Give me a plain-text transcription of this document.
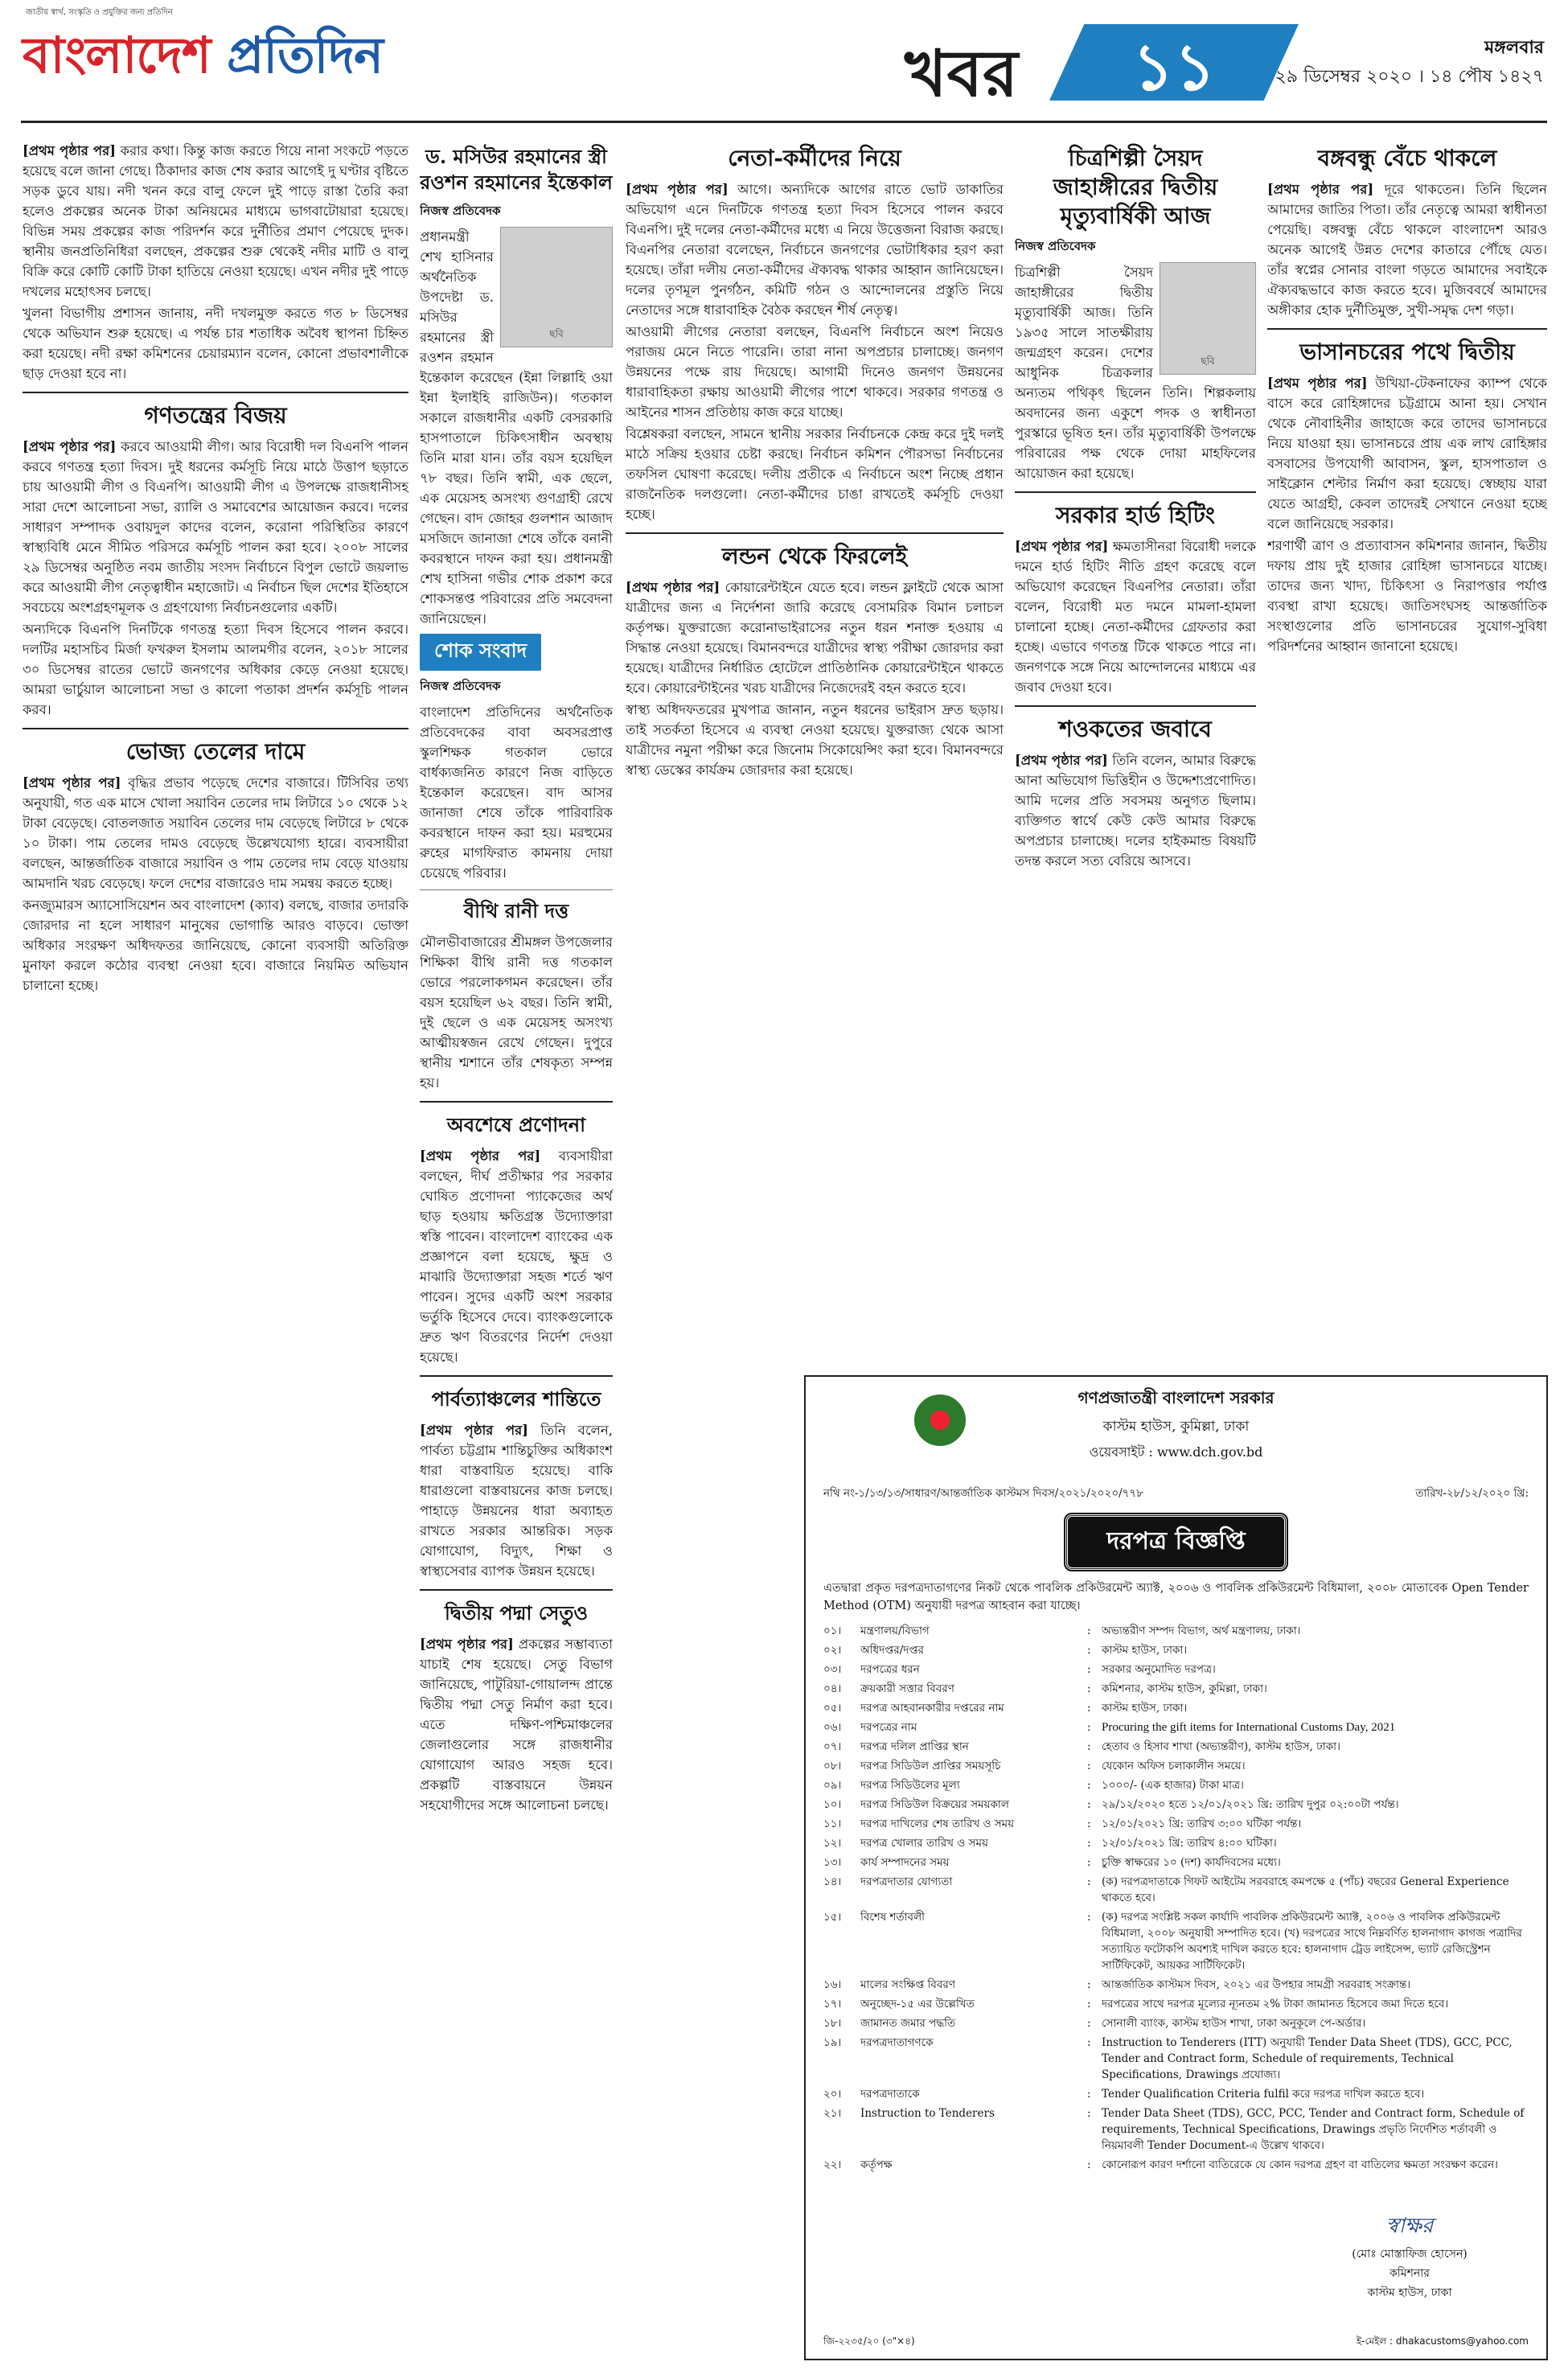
জাতীয় স্বার্থ, সংস্কৃতি ও প্রযুক্তির জন্য প্রতিদিন
বাংলাদেশ প্রতিদিন	খবর	১১	মঙ্গলবার
২৯ ডিসেম্বর ২০২০ । ১৪ পৌষ ১৪২৭

[প্রথম পৃষ্ঠার পর] করার কথা। কিন্তু কাজ করতে গিয়ে নানা সংকটে পড়তে হয়েছে বলে জানা গেছে। ঠিকাদার কাজ শেষ করার আগেই দু ঘণ্টার বৃষ্টিতে সড়ক ডুবে যায়। নদী খনন করে বালু ফেলে দুই পাড়ে রাস্তা তৈরি করা হলেও প্রকল্পের অনেক টাকা অনিয়মের মাধ্যমে ভাগবাটোয়ারা হয়েছে। বিভিন্ন সময় প্রকল্পের কাজ পরিদর্শন করে দুর্নীতির প্রমাণ পেয়েছে দুদক। স্থানীয় জনপ্রতিনিধিরা বলছেন, প্রকল্পের শুরু থেকেই নদীর মাটি ও বালু বিক্রি করে কোটি কোটি টাকা হাতিয়ে নেওয়া হয়েছে। এখন নদীর দুই পাড়ে দখলের মহোৎসব চলছে।

খুলনা বিভাগীয় প্রশাসন জানায়, নদী দখলমুক্ত করতে গত ৮ ডিসেম্বর থেকে অভিযান শুরু হয়েছে। এ পর্যন্ত চার শতাধিক অবৈধ স্থাপনা চিহ্নিত করা হয়েছে। নদী রক্ষা কমিশনের চেয়ারম্যান বলেন, কোনো প্রভাবশালীকে ছাড় দেওয়া হবে না।

গণতন্ত্রের বিজয়

[প্রথম পৃষ্ঠার পর] করবে আওয়ামী লীগ। আর বিরোধী দল বিএনপি পালন করবে গণতন্ত্র হত্যা দিবস। দুই ধরনের কর্মসূচি নিয়ে মাঠে উত্তাপ ছড়াতে চায় আওয়ামী লীগ ও বিএনপি। আওয়ামী লীগ এ উপলক্ষে রাজধানীসহ সারা দেশে আলোচনা সভা, র‍্যালি ও সমাবেশের আয়োজন করবে। দলের সাধারণ সম্পাদক ওবায়দুল কাদের বলেন, করোনা পরিস্থিতির কারণে স্বাস্থ্যবিধি মেনে সীমিত পরিসরে কর্মসূচি পালন করা হবে। ২০০৮ সালের ২৯ ডিসেম্বর অনুষ্ঠিত নবম জাতীয় সংসদ নির্বাচনে বিপুল ভোটে জয়লাভ করে আওয়ামী লীগ নেতৃত্বাধীন মহাজোট। এ নির্বাচন ছিল দেশের ইতিহাসে সবচেয়ে অংশগ্রহণমূলক ও গ্রহণযোগ্য নির্বাচনগুলোর একটি।

অন্যদিকে বিএনপি দিনটিকে গণতন্ত্র হত্যা দিবস হিসেবে পালন করবে। দলটির মহাসচিব মির্জা ফখরুল ইসলাম আলমগীর বলেন, ২০১৮ সালের ৩০ ডিসেম্বর রাতের ভোটে জনগণের অধিকার কেড়ে নেওয়া হয়েছে। আমরা ভার্চুয়াল আলোচনা সভা ও কালো পতাকা প্রদর্শন কর্মসূচি পালন করব।

ভোজ্য তেলের দামে

[প্রথম পৃষ্ঠার পর] বৃদ্ধির প্রভাব পড়েছে দেশের বাজারে। টিসিবির তথ্য অনুযায়ী, গত এক মাসে খোলা সয়াবিন তেলের দাম লিটারে ১০ থেকে ১২ টাকা বেড়েছে। বোতলজাত সয়াবিন তেলের দাম বেড়েছে লিটারে ৮ থেকে ১০ টাকা। পাম তেলের দামও বেড়েছে উল্লেখযোগ্য হারে। ব্যবসায়ীরা বলছেন, আন্তর্জাতিক বাজারে সয়াবিন ও পাম তেলের দাম বেড়ে যাওয়ায় আমদানি খরচ বেড়েছে। ফলে দেশের বাজারেও দাম সমন্বয় করতে হচ্ছে।

কনজ্যুমারস অ্যাসোসিয়েশন অব বাংলাদেশ (ক্যাব) বলছে, বাজার তদারকি জোরদার না হলে সাধারণ মানুষের ভোগান্তি আরও বাড়বে। ভোক্তা অধিকার সংরক্ষণ অধিদফতর জানিয়েছে, কোনো ব্যবসায়ী অতিরিক্ত মুনাফা করলে কঠোর ব্যবস্থা নেওয়া হবে। বাজারে নিয়মিত অভিযান চালানো হচ্ছে।

ড. মসিউর রহমানের স্ত্রী রওশন রহমানের ইন্তেকাল
নিজস্ব প্রতিবেদক
ছবি

প্রধানমন্ত্রী শেখ হাসিনার অর্থনৈতিক উপদেষ্টা ড. মসিউর রহমানের স্ত্রী রওশন রহমান ইন্তেকাল করেছেন (ইন্না লিল্লাহি ওয়া ইন্না ইলাইহি রাজিউন)। গতকাল সকালে রাজধানীর একটি বেসরকারি হাসপাতালে চিকিৎসাধীন অবস্থায় তিনি মারা যান। তাঁর বয়স হয়েছিল ৭৮ বছর। তিনি স্বামী, এক ছেলে, এক মেয়েসহ অসংখ্য গুণগ্রাহী রেখে গেছেন। বাদ জোহর গুলশান আজাদ মসজিদে জানাজা শেষে তাঁকে বনানী কবরস্থানে দাফন করা হয়। প্রধানমন্ত্রী শেখ হাসিনা গভীর শোক প্রকাশ করে শোকসন্তপ্ত পরিবারের প্রতি সমবেদনা জানিয়েছেন।

শোক সংবাদ
নিজস্ব প্রতিবেদক

বাংলাদেশ প্রতিদিনের অর্থনৈতিক প্রতিবেদকের বাবা অবসরপ্রাপ্ত স্কুলশিক্ষক গতকাল ভোরে বার্ধক্যজনিত কারণে নিজ বাড়িতে ইন্তেকাল করেছেন। বাদ আসর জানাজা শেষে তাঁকে পারিবারিক কবরস্থানে দাফন করা হয়। মরহুমের রুহের মাগফিরাত কামনায় দোয়া চেয়েছে পরিবার।

বীথি রানী দত্ত

মৌলভীবাজারের শ্রীমঙ্গল উপজেলার শিক্ষিকা বীথি রানী দত্ত গতকাল ভোরে পরলোকগমন করেছেন। তাঁর বয়স হয়েছিল ৬২ বছর। তিনি স্বামী, দুই ছেলে ও এক মেয়েসহ অসংখ্য আত্মীয়স্বজন রেখে গেছেন। দুপুরে স্থানীয় শ্মশানে তাঁর শেষকৃত্য সম্পন্ন হয়।

অবশেষে প্রণোদনা

[প্রথম পৃষ্ঠার পর] ব্যবসায়ীরা বলছেন, দীর্ঘ প্রতীক্ষার পর সরকার ঘোষিত প্রণোদনা প্যাকেজের অর্থ ছাড় হওয়ায় ক্ষতিগ্রস্ত উদ্যোক্তারা স্বস্তি পাবেন। বাংলাদেশ ব্যাংকের এক প্রজ্ঞাপনে বলা হয়েছে, ক্ষুদ্র ও মাঝারি উদ্যোক্তারা সহজ শর্তে ঋণ পাবেন। সুদের একটি অংশ সরকার ভর্তুকি হিসেবে দেবে। ব্যাংকগুলোকে দ্রুত ঋণ বিতরণের নির্দেশ দেওয়া হয়েছে।

পার্বত্যাঞ্চলের শান্তিতে

[প্রথম পৃষ্ঠার পর] তিনি বলেন, পার্বত্য চট্টগ্রাম শান্তিচুক্তির অধিকাংশ ধারা বাস্তবায়িত হয়েছে। বাকি ধারাগুলো বাস্তবায়নের কাজ চলছে। পাহাড়ে উন্নয়নের ধারা অব্যাহত রাখতে সরকার আন্তরিক। সড়ক যোগাযোগ, বিদ্যুৎ, শিক্ষা ও স্বাস্থ্যসেবার ব্যাপক উন্নয়ন হয়েছে।

দ্বিতীয় পদ্মা সেতুও

[প্রথম পৃষ্ঠার পর] প্রকল্পের সম্ভাব্যতা যাচাই শেষ হয়েছে। সেতু বিভাগ জানিয়েছে, পাটুরিয়া-গোয়ালন্দ প্রান্তে দ্বিতীয় পদ্মা সেতু নির্মাণ করা হবে। এতে দক্ষিণ-পশ্চিমাঞ্চলের জেলাগুলোর সঙ্গে রাজধানীর যোগাযোগ আরও সহজ হবে। প্রকল্পটি বাস্তবায়নে উন্নয়ন সহযোগীদের সঙ্গে আলোচনা চলছে।

নেতা-কর্মীদের নিয়ে

[প্রথম পৃষ্ঠার পর] আগে। অন্যদিকে আগের রাতে ভোট ডাকাতির অভিযোগ এনে দিনটিকে গণতন্ত্র হত্যা দিবস হিসেবে পালন করবে বিএনপি। দুই দলের নেতা-কর্মীদের মধ্যে এ নিয়ে উত্তেজনা বিরাজ করছে। বিএনপির নেতারা বলেছেন, নির্বাচনে জনগণের ভোটাধিকার হরণ করা হয়েছে। তাঁরা দলীয় নেতা-কর্মীদের ঐক্যবদ্ধ থাকার আহ্বান জানিয়েছেন। দলের তৃণমূল পুনর্গঠন, কমিটি গঠন ও আন্দোলনের প্রস্তুতি নিয়ে নেতাদের সঙ্গে ধারাবাহিক বৈঠক করছেন শীর্ষ নেতৃত্ব।

আওয়ামী লীগের নেতারা বলছেন, বিএনপি নির্বাচনে অংশ নিয়েও পরাজয় মেনে নিতে পারেনি। তারা নানা অপপ্রচার চালাচ্ছে। জনগণ উন্নয়নের পক্ষে রায় দিয়েছে। আগামী দিনেও জনগণ উন্নয়নের ধারাবাহিকতা রক্ষায় আওয়ামী লীগের পাশে থাকবে। সরকার গণতন্ত্র ও আইনের শাসন প্রতিষ্ঠায় কাজ করে যাচ্ছে।

বিশ্লেষকরা বলছেন, সামনে স্থানীয় সরকার নির্বাচনকে কেন্দ্র করে দুই দলই মাঠে সক্রিয় হওয়ার চেষ্টা করছে। নির্বাচন কমিশন পৌরসভা নির্বাচনের তফসিল ঘোষণা করেছে। দলীয় প্রতীকে এ নির্বাচনে অংশ নিচ্ছে প্রধান রাজনৈতিক দলগুলো। নেতা-কর্মীদের চাঙা রাখতেই কর্মসূচি দেওয়া হচ্ছে।

লন্ডন থেকে ফিরলেই

[প্রথম পৃষ্ঠার পর] কোয়ারেন্টাইনে যেতে হবে। লন্ডন ফ্লাইটে থেকে আসা যাত্রীদের জন্য এ নির্দেশনা জারি করেছে বেসামরিক বিমান চলাচল কর্তৃপক্ষ। যুক্তরাজ্যে করোনাভাইরাসের নতুন ধরন শনাক্ত হওয়ায় এ সিদ্ধান্ত নেওয়া হয়েছে। বিমানবন্দরে যাত্রীদের স্বাস্থ্য পরীক্ষা জোরদার করা হয়েছে। যাত্রীদের নির্ধারিত হোটেলে প্রাতিষ্ঠানিক কোয়ারেন্টাইনে থাকতে হবে। কোয়ারেন্টাইনের খরচ যাত্রীদের নিজেদেরই বহন করতে হবে।

স্বাস্থ্য অধিদফতরের মুখপাত্র জানান, নতুন ধরনের ভাইরাস দ্রুত ছড়ায়। তাই সতর্কতা হিসেবে এ ব্যবস্থা নেওয়া হয়েছে। যুক্তরাজ্য থেকে আসা যাত্রীদের নমুনা পরীক্ষা করে জিনোম সিকোয়েন্সিং করা হবে। বিমানবন্দরে স্বাস্থ্য ডেস্কের কার্যক্রম জোরদার করা হয়েছে।

চিত্রশিল্পী সৈয়দ জাহাঙ্গীরের দ্বিতীয় মৃত্যুবার্ষিকী আজ
নিজস্ব প্রতিবেদক
ছবি

চিত্রশিল্পী সৈয়দ জাহাঙ্গীরের দ্বিতীয় মৃত্যুবার্ষিকী আজ। তিনি ১৯৩৫ সালে সাতক্ষীরায় জন্মগ্রহণ করেন। দেশের আধুনিক চিত্রকলার অন্যতম পথিকৃৎ ছিলেন তিনি। শিল্পকলায় অবদানের জন্য একুশে পদক ও স্বাধীনতা পুরস্কারে ভূষিত হন। তাঁর মৃত্যুবার্ষিকী উপলক্ষে পরিবারের পক্ষ থেকে দোয়া মাহফিলের আয়োজন করা হয়েছে।

সরকার হার্ড হিটিং

[প্রথম পৃষ্ঠার পর] ক্ষমতাসীনরা বিরোধী দলকে দমনে হার্ড হিটিং নীতি গ্রহণ করেছে বলে অভিযোগ করেছেন বিএনপির নেতারা। তাঁরা বলেন, বিরোধী মত দমনে মামলা-হামলা চালানো হচ্ছে। নেতা-কর্মীদের গ্রেফতার করা হচ্ছে। এভাবে গণতন্ত্র টিকে থাকতে পারে না। জনগণকে সঙ্গে নিয়ে আন্দোলনের মাধ্যমে এর জবাব দেওয়া হবে।

শওকতের জবাবে

[প্রথম পৃষ্ঠার পর] তিনি বলেন, আমার বিরুদ্ধে আনা অভিযোগ ভিত্তিহীন ও উদ্দেশ্যপ্রণোদিত। আমি দলের প্রতি সবসময় অনুগত ছিলাম। ব্যক্তিগত স্বার্থে কেউ কেউ আমার বিরুদ্ধে অপপ্রচার চালাচ্ছে। দলের হাইকমান্ড বিষয়টি তদন্ত করলে সত্য বেরিয়ে আসবে।

বঙ্গবন্ধু বেঁচে থাকলে

[প্রথম পৃষ্ঠার পর] দূরে থাকতেন। তিনি ছিলেন আমাদের জাতির পিতা। তাঁর নেতৃত্বে আমরা স্বাধীনতা পেয়েছি। বঙ্গবন্ধু বেঁচে থাকলে বাংলাদেশ আরও অনেক আগেই উন্নত দেশের কাতারে পৌঁছে যেত। তাঁর স্বপ্নের সোনার বাংলা গড়তে আমাদের সবাইকে ঐক্যবদ্ধভাবে কাজ করতে হবে। মুজিববর্ষে আমাদের অঙ্গীকার হোক দুর্নীতিমুক্ত, সুখী-সমৃদ্ধ দেশ গড়া।

ভাসানচরের পথে দ্বিতীয়

[প্রথম পৃষ্ঠার পর] উখিয়া-টেকনাফের ক্যাম্প থেকে বাসে করে রোহিঙ্গাদের চট্টগ্রামে আনা হয়। সেখান থেকে নৌবাহিনীর জাহাজে করে তাদের ভাসানচরে নিয়ে যাওয়া হয়। ভাসানচরে প্রায় এক লাখ রোহিঙ্গার বসবাসের উপযোগী আবাসন, স্কুল, হাসপাতাল ও সাইক্লোন শেল্টার নির্মাণ করা হয়েছে। স্বেচ্ছায় যারা যেতে আগ্রহী, কেবল তাদেরই সেখানে নেওয়া হচ্ছে বলে জানিয়েছে সরকার।

শরণার্থী ত্রাণ ও প্রত্যাবাসন কমিশনার জানান, দ্বিতীয় দফায় প্রায় দুই হাজার রোহিঙ্গা ভাসানচরে যাচ্ছে। তাদের জন্য খাদ্য, চিকিৎসা ও নিরাপত্তার পর্যাপ্ত ব্যবস্থা রাখা হয়েছে। জাতিসংঘসহ আন্তর্জাতিক সংস্থাগুলোর প্রতি ভাসানচরের সুযোগ-সুবিধা পরিদর্শনের আহ্বান জানানো হয়েছে।

গণপ্রজাতন্ত্রী বাংলাদেশ সরকার
কাস্টম হাউস, কুমিল্লা, ঢাকা
ওয়েবসাইট : www.dch.gov.bd
নথি নং-১/১৩/১৩/সাধারণ/আন্তর্জাতিক কাস্টমস দিবস/২০২১/২০২০/৭৭৮	তারিখ-২৮/১২/২০২০ খ্রি:
দরপত্র বিজ্ঞপ্তি

এতদ্বারা প্রকৃত দরপত্রদাতাগণের নিকট থেকে পাবলিক প্রকিউরমেন্ট অ্যাক্ট, ২০০৬ ও পাবলিক প্রকিউরমেন্ট বিধিমালা, ২০০৮ মোতাবেক Open Tender Method (OTM) অনুযায়ী দরপত্র আহবান করা যাচ্ছে।

০১।	মন্ত্রণালয়/বিভাগ	: অভ্যন্তরীণ সম্পদ বিভাগ, অর্থ মন্ত্রণালয়, ঢাকা।
০২।	অধিদপ্তর/দপ্তর	: কাস্টম হাউস, ঢাকা।
০৩।	দরপত্রের ধরন	: সরকার অনুমোদিত দরপত্র।
০৪।	ক্রয়কারী সত্তার বিবরণ	: কমিশনার, কাস্টম হাউস, কুমিল্লা, ঢাকা।
০৫।	দরপত্র আহবানকারীর দপ্তরের নাম	: কাস্টম হাউস, ঢাকা।
০৬।	দরপত্রের নাম	: Procuring the gift items for International Customs Day, 2021
০৭।	দরপত্র দলিল প্রাপ্তির স্থান	: হেতাব ও হিসাব শাখা (অভ্যন্তরীণ), কাস্টম হাউস, ঢাকা।
০৮।	দরপত্র সিডিউল প্রাপ্তির সময়সূচি	: যেকোন অফিস চলাকালীন সময়ে।
০৯।	দরপত্র সিডিউলের মূল্য	: ১০০০/- (এক হাজার) টাকা মাত্র।
১০।	দরপত্র সিডিউল বিক্রয়ের সময়কাল	: ২৯/১২/২০২০ হতে ১২/০১/২০২১ খ্রি: তারিখ দুপুর ০২:০০টা পর্যন্ত।
১১।	দরপত্র দাখিলের শেষ তারিখ ও সময়	: ১২/০১/২০২১ খ্রি: তারিখ ৩:০০ ঘটিকা পর্যন্ত।
১২।	দরপত্র খোলার তারিখ ও সময়	: ১২/০১/২০২১ খ্রি: তারিখ ৪:০০ ঘটিকা।
১৩।	কার্য সম্পাদনের সময়	: চুক্তি স্বাক্ষরের ১০ (দশ) কার্যদিবসের মধ্যে।
১৪।	দরপত্রদাতার যোগ্যতা	: (ক) দরপত্রদাতাকে গিফট আইটেম সরবরাহে কমপক্ষে ৫ (পাঁচ) বছরের General Experience থাকতে হবে।
১৫।	বিশেষ শর্তাবলী	: (ক) দরপত্র সংশ্লিষ্ট সকল কার্যাদি পাবলিক প্রকিউরমেন্ট অ্যাক্ট, ২০০৬ ও পাবলিক প্রকিউরমেন্ট বিধিমালা, ২০০৮ অনুযায়ী সম্পাদিত হবে। (খ) দরপত্রের সাথে নিম্নবর্ণিত হালনাগাদ কাগজ পত্রাদির সত্যায়িত ফটোকপি অবশ্যই দাখিল করতে হবে: হালনাগাদ ট্রেড লাইসেন্স, ভ্যাট রেজিস্ট্রেশন সার্টিফিকেট, আয়কর সার্টিফিকেট।
১৬।	মালের সংক্ষিপ্ত বিবরণ	: আন্তর্জাতিক কাস্টমস দিবস, ২০২১ এর উপহার সামগ্রী সরবরাহ সংক্রান্ত।
১৭।	অনুচ্ছেদ-১৫ এর উল্লেখিত	: দরপত্রের সাথে দরপত্র মূল্যের ন্যূনতম ২% টাকা জামানত হিসেবে জমা দিতে হবে।
১৮।	জামানত জমার পদ্ধতি	: সোনালী ব্যাংক, কাস্টম হাউস শাখা, ঢাকা অনুকূলে পে-অর্ডার।
১৯।	দরপত্রদাতাগণকে	: Instruction to Tenderers (ITT) অনুযায়ী Tender Data Sheet (TDS), GCC, PCC, Tender and Contract form, Schedule of requirements, Technical Specifications, Drawings প্রযোজ্য।
২০।	দরপত্রদাতাকে	: Tender Qualification Criteria fulfil করে দরপত্র দাখিল করতে হবে।
২১।	Instruction to Tenderers	: Tender Data Sheet (TDS), GCC, PCC, Tender and Contract form, Schedule of requirements, Technical Specifications, Drawings প্রভৃতি নির্দেশিত শর্তাবলী ও নিয়মাবলী Tender Document-এ উল্লেখ থাকবে।
২২।	কর্তৃপক্ষ	: কোনোরূপ কারণ দর্শানো ব্যতিরেকে যে কোন দরপত্র গ্রহণ বা বাতিলের ক্ষমতা সংরক্ষণ করেন।
স্বাক্ষর
(মোঃ মোস্তাফিজ হোসেন)
কমিশনার
কাস্টম হাউস, ঢাকা
জি-২২৩৫/২০ (৩"×৪)	ই-মেইল : dhakacustoms@yahoo.com
